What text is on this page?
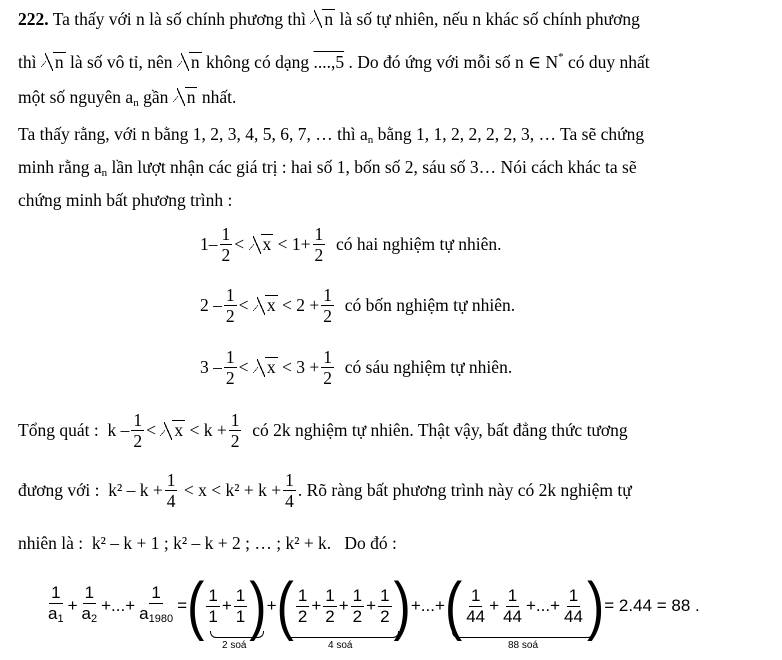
222. Ta thấy với n là số chính phương thì n là số tự nhiên, nếu n khác số chính phương
thì n là số vô tỉ, nên n không có dạng ....,5 . Do đó ứng với mỗi số n ∈ N* có duy nhất
một số nguyên $a_n$ gần n nhất.
Ta thấy rằng, với n bằng 1, 2, 3, 4, 5, 6, 7, … thì $a_n$ bằng 1, 1, 2, 2, 2, 2, 3, … Ta sẽ chứng
minh rằng $a_n$ lần lượt nhận các giá trị : hai số 1, bốn số 2, sáu số 3… Nói cách khác ta sẽ
chứng minh bất phương trình :
$1 - \frac{1}{2}$ <
	x
<
$1 + \frac{1}{2}$
có hai nghiệm tự nhiên.
2
– $\frac{1}{2}$ <
	x
<
2
+ $\frac{1}{2}$
có bốn nghiệm tự nhiên.
3
– $\frac{1}{2}$ <
	x
<
3
+ $\frac{1}{2}$
có sáu nghiệm tự nhiên.
Tổng quát :
k
– $\frac{1}{2}$ <
	x
<
k
+ $\frac{1}{2}$
có 2k nghiệm tự nhiên. Thật vậy, bất đẳng thức tương
đương với :
$k^2 - k + \frac{1}{4}$
< $x < k^2 + k + \frac{1}{4}$ . Rõ ràng bất phương trình này có 2k nghiệm tự
nhiên là : k² – k + 1 ; k² – k + 2 ; … ; k² + k. Do đó :
$\frac{1}{a_1} + \frac{1}{a_2}$ +...+ $\frac{1}{a_{1980}}$ = ( $\frac{1}{1} + \frac{1}{1}$ ) + ( $\frac{1}{2} + \frac{1}{2} + \frac{1}{2} + \frac{1}{2}$ ) +...+ ( $\frac{1}{44} + \frac{1}{44}$ +...+ $\frac{1}{44}$ ) = 2.44 = 88 .
2 soá	4 soá	88 soá
